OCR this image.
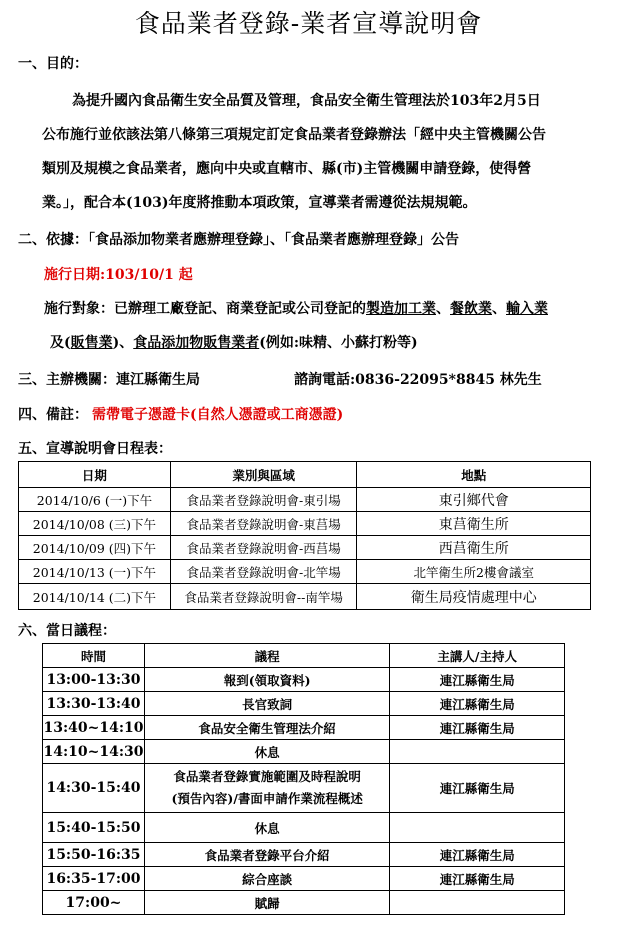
食品業者登錄-業者宣導說明會
一、目的：
為提升國內食品衛生安全品質及管理，食品安全衛生管理法於103年2月5日
公布施行並依該法第八條第三項規定訂定食品業者登錄辦法「經中央主管機關公告
類別及規模之食品業者，應向中央或直轄市、縣(市)主管機關申請登錄，使得營
業。」，配合本(103)年度將推動本項政策，宣導業者需遵從法規規範。
二、依據：「食品添加物業者應辦理登錄」、「食品業者應辦理登錄」公告
施行日期:103/10/1 起
施行對象：已辦理工廠登記、商業登記或公司登記的製造加工業、餐飲業、輸入業
及(販售業)、食品添加物販售業者(例如:味精、小蘇打粉等)
三、主辦機關：連江縣衛生局	諮詢電話:0836-22095*8845 林先生
四、備註： 需帶電子憑證卡(自然人憑證或工商憑證)
五、宣導說明會日程表：
日期	業別與區域	地點
2014/10/6 (一)下午	食品業者登錄說明會-東引場	東引鄉代會
2014/10/08 (三)下午	食品業者登錄說明會-東莒場	東莒衛生所
2014/10/09 (四)下午	食品業者登錄說明會-西莒場	西莒衛生所
2014/10/13 (一)下午	食品業者登錄說明會-北竿場	北竿衛生所2樓會議室
2014/10/14 (二)下午	食品業者登錄說明會--南竿場	衛生局疫情處理中心
六、當日議程：
時間	議程	主講人/主持人
13:00-13:30	報到(領取資料)	連江縣衛生局
13:30-13:40	長官致詞	連江縣衛生局
13:40~14:10	食品安全衛生管理法介紹	連江縣衛生局
14:10~14:30	休息	
14:30-15:40	食品業者登錄實施範圍及時程說明
(預告內容)/書面申請作業流程概述	連江縣衛生局
15:40-15:50	休息	
15:50-16:35	食品業者登錄平台介紹	連江縣衛生局
16:35-17:00	綜合座談	連江縣衛生局
17:00~	賦歸	
